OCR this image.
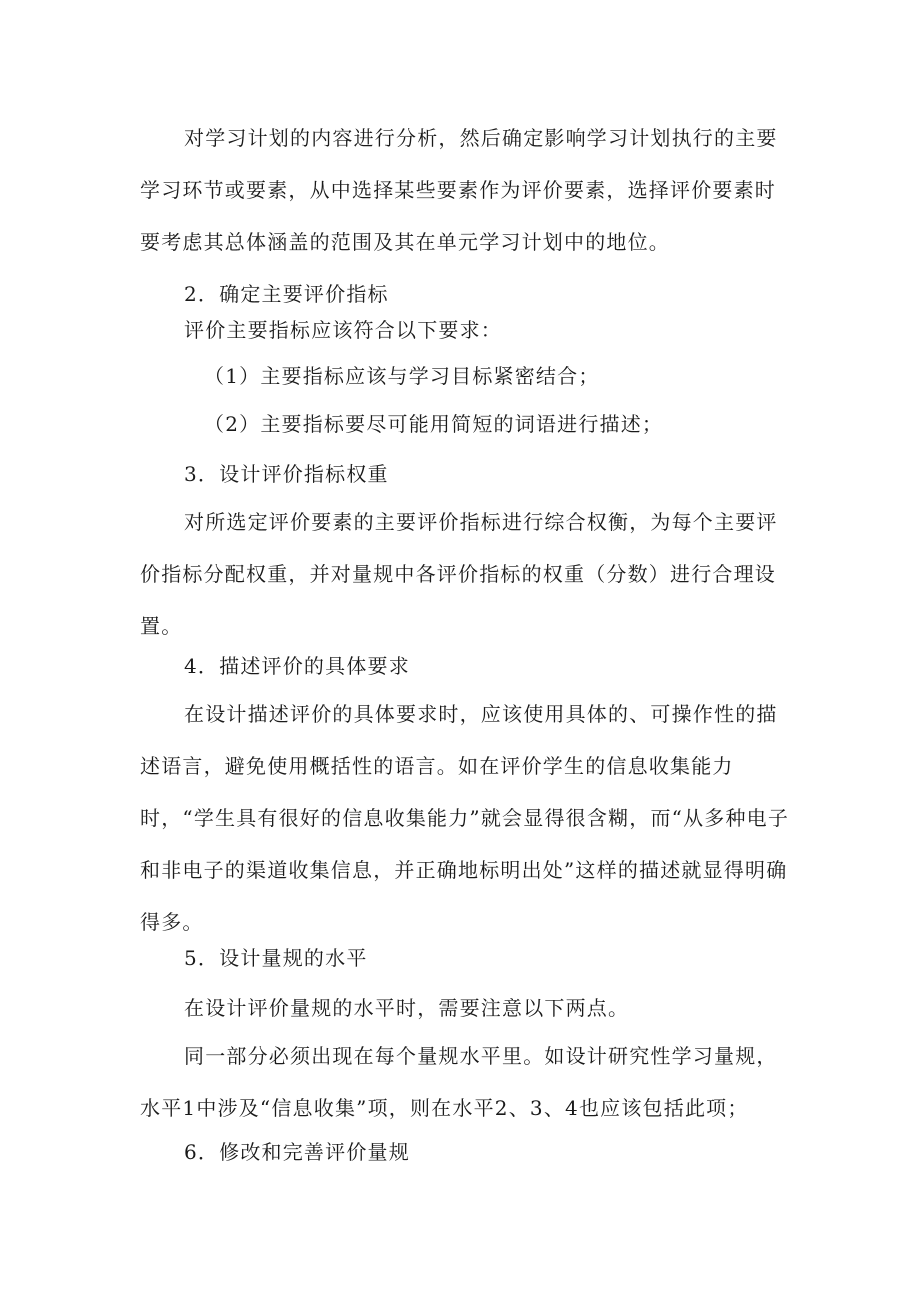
对学习计划的内容进行分析，然后确定影响学习计划执行的主要学习环节或要素，从中选择某些要素作为评价要素，选择评价要素时要考虑其总体涵盖的范围及其在单元学习计划中的地位。

2．确定主要评价指标

评价主要指标应该符合以下要求：

（1）主要指标应该与学习目标紧密结合；

（2）主要指标要尽可能用简短的词语进行描述；

3．设计评价指标权重

对所选定评价要素的主要评价指标进行综合权衡，为每个主要评价指标分配权重，并对量规中各评价指标的权重（分数）进行合理设置。

4．描述评价的具体要求

在设计描述评价的具体要求时，应该使用具体的、可操作性的描述语言，避免使用概括性的语言。如在评价学生的信息收集能力时，“学生具有很好的信息收集能力”就会显得很含糊，而“从多种电子和非电子的渠道收集信息，并正确地标明出处”这样的描述就显得明确得多。

5．设计量规的水平

在设计评价量规的水平时，需要注意以下两点。

同一部分必须出现在每个量规水平里。如设计研究性学习量规，水平1中涉及“信息收集”项，则在水平2、3、4也应该包括此项；

6．修改和完善评价量规
